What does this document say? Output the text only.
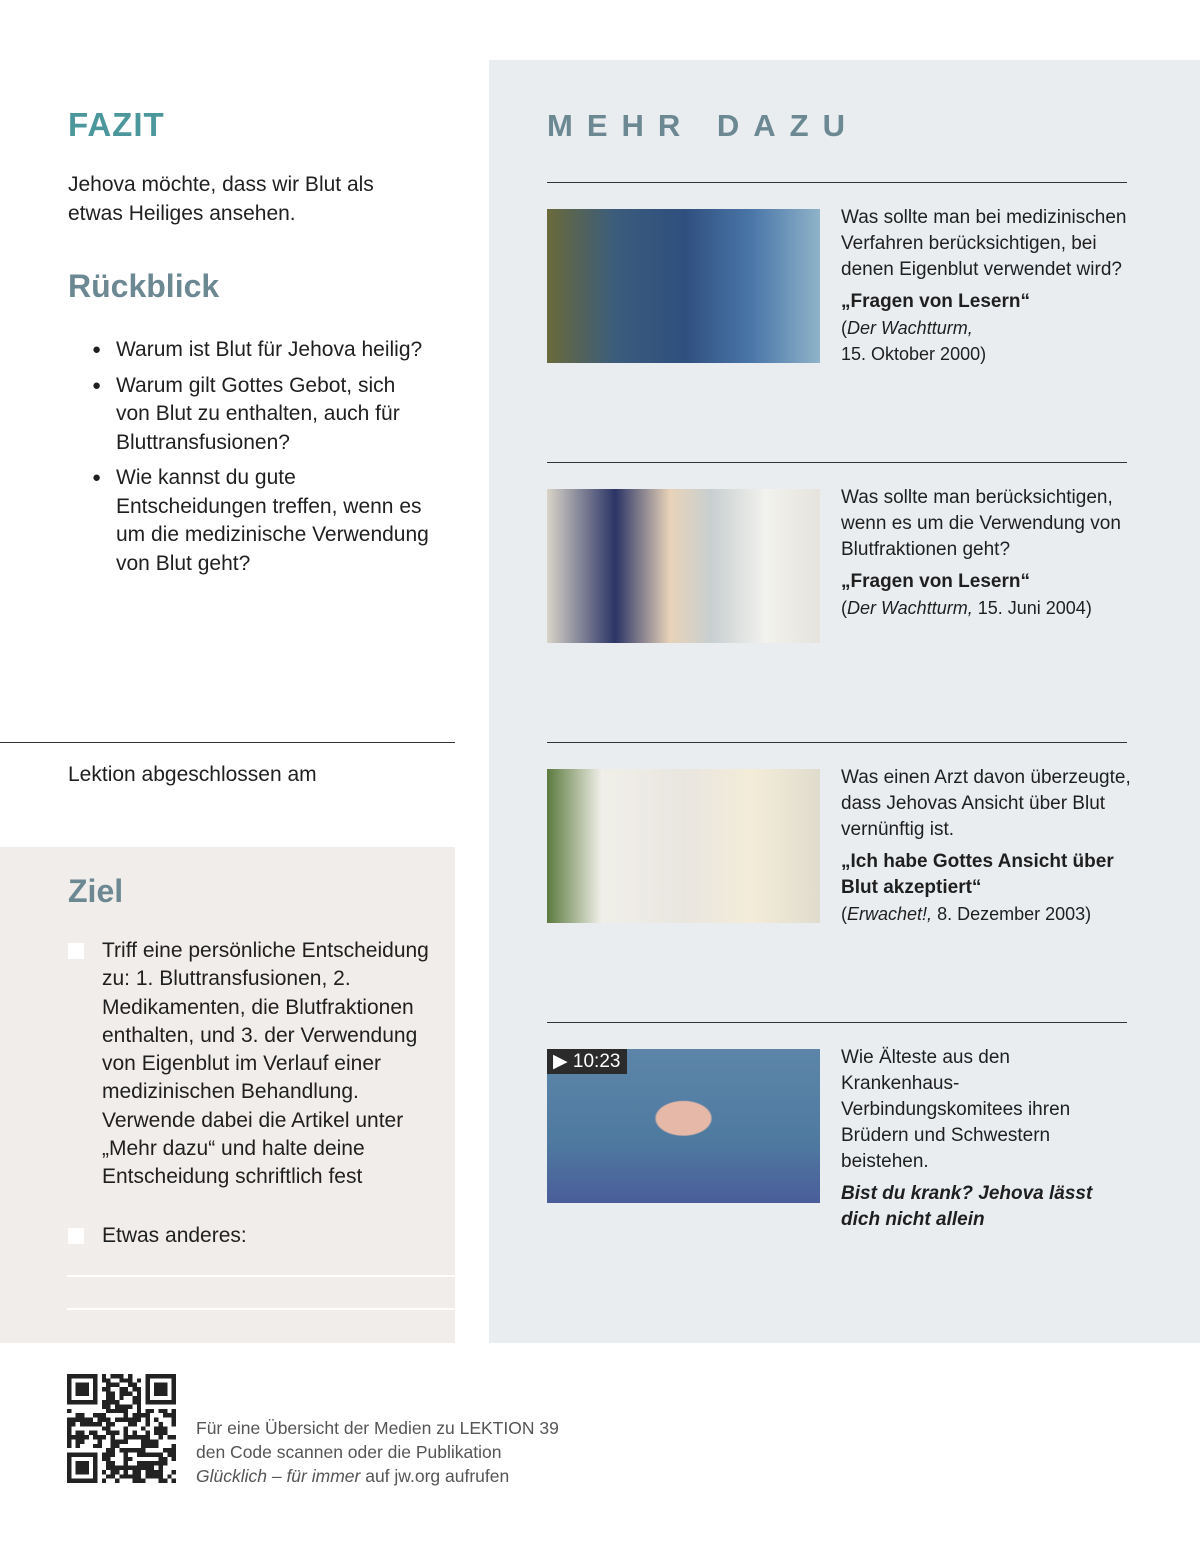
FAZIT
Jehova möchte, dass wir Blut als etwas Heiliges ansehen.
Rückblick
● Warum ist Blut für Jehova heilig?
● Warum gilt Gottes Gebot, sich von Blut zu enthalten, auch für Bluttransfusionen?
● Wie kannst du gute Entscheidungen treffen, wenn es um die medizinische Verwendung von Blut geht?
Lektion abgeschlossen am
Ziel
Triff eine persönliche Entscheidung zu: 1. Bluttransfusionen, 2. Medikamenten, die Blutfraktionen enthalten, und 3. der Verwendung von Eigenblut im Verlauf einer medizinischen Behandlung. Verwende dabei die Artikel unter „Mehr dazu“ und halte deine Entscheidung schriftlich fest
Etwas anderes:
Was sollte man bei medizinischen Verfahren berücksichtigen, bei denen Eigenblut verwendet wird?
„Fragen von Lesern“
(Der Wachtturm,
15. Oktober 2000)
Was sollte man berücksichtigen, wenn es um die Verwendung von Blutfraktionen geht?
„Fragen von Lesern“
(Der Wachtturm, 15. Juni 2004)
Was einen Arzt davon überzeugte, dass Jehovas Ansicht über Blut vernünftig ist.
„Ich habe Gottes Ansicht über Blut akzeptiert“
(Erwachet!, 8. Dezember 2003)
▶ 10:23	Wie Älteste aus den Krankenhaus-Verbindungskomitees ihren Brüdern und Schwestern beistehen.
Bist du krank? Jehova lässt dich nicht allein
MEHR DAZU
Für eine Übersicht der Medien zu LEKTION 39
den Code scannen oder die Publikation
Glücklich – für immer auf jw.org aufrufen
